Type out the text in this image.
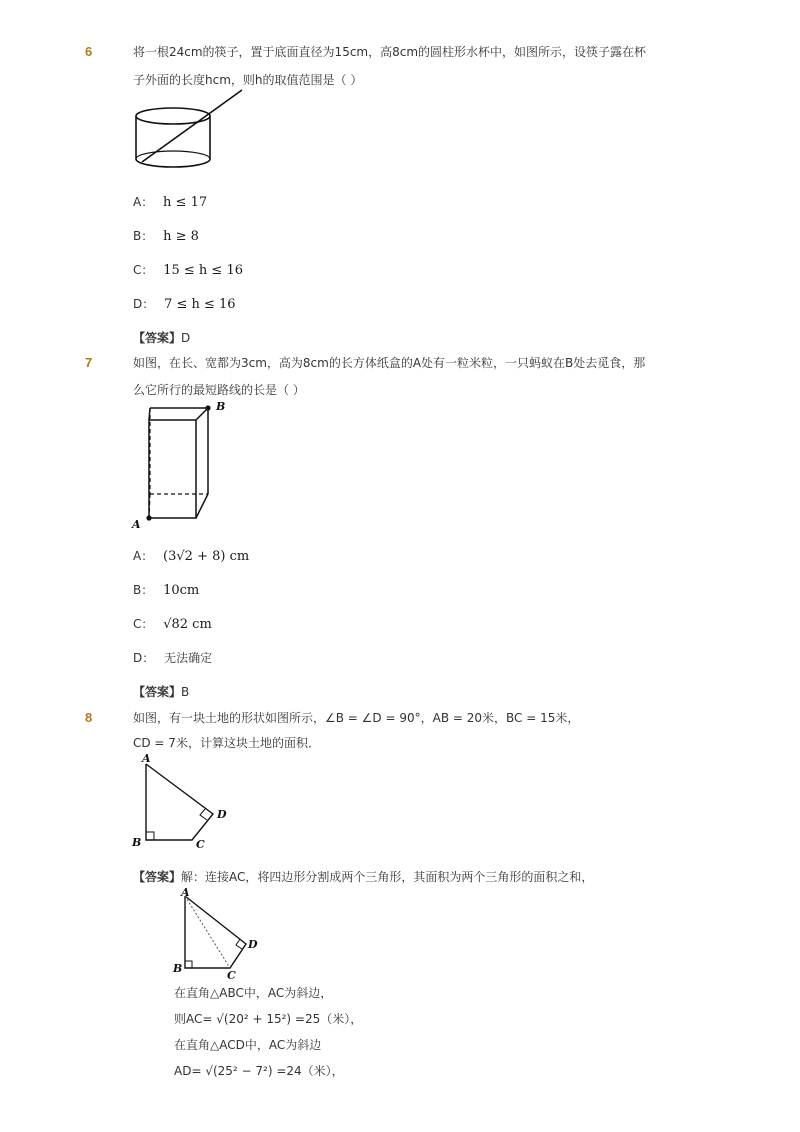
6	将一根24cm的筷子，置于底面直径为15cm，高8cm的圆柱形水杯中，如图所示，设筷子露在杯
子外面的长度hcm，则h的取值范围是（ ）
A： h ≤ 17
B： h ≥ 8
C： 15 ≤ h ≤ 16
D： 7 ≤ h ≤ 16
【答案】D
7	如图，在长、宽都为3cm，高为8cm的长方体纸盒的A处有一粒米粒，一只蚂蚁在B处去觅食，那
么它所行的最短路线的长是（ ）
B
A
A： (3√2 + 8) cm
B： 10cm
C： √82 cm
D： 无法确定
【答案】B
8	如图，有一块土地的形状如图所示，∠B = ∠D = 90°，AB = 20米，BC = 15米，
CD = 7米，计算这块土地的面积．
A
B	C
D
【答案】解：连接AC，将四边形分割成两个三角形，其面积为两个三角形的面积之和，
A
B
C
D
在直角△ABC中，AC为斜边，
则AC= √(20² + 15²) =25（米），
在直角△ACD中，AC为斜边
AD= √(25² − 7²) =24（米），
